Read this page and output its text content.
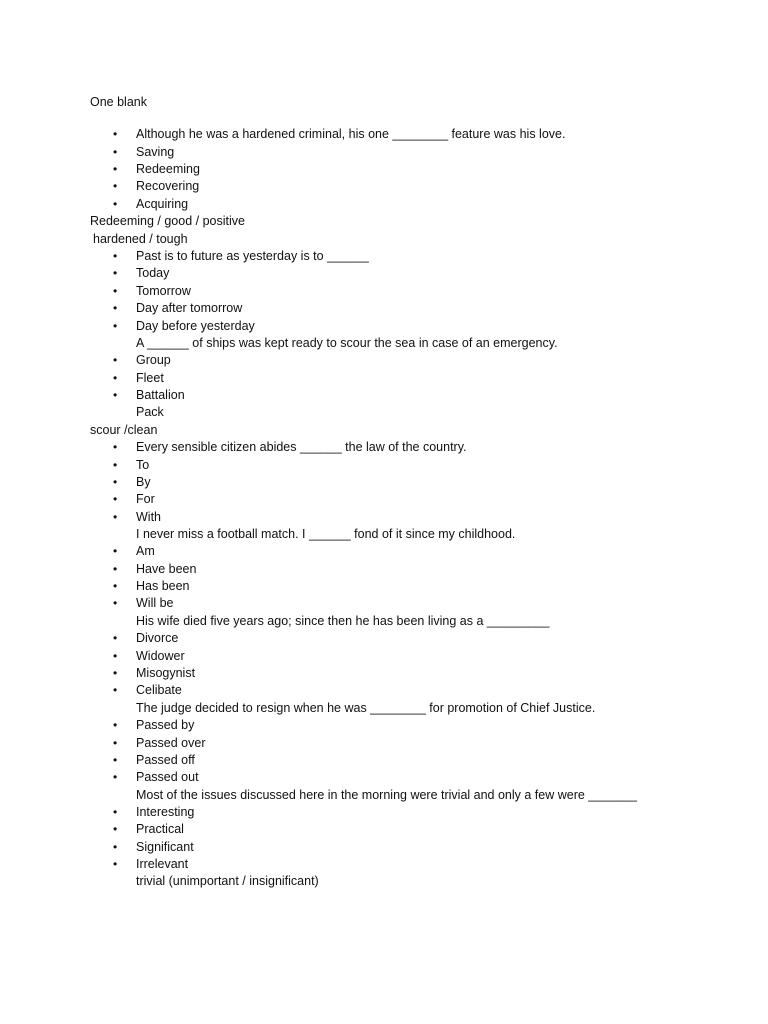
One blank
•
•
•
•
•
•
•
•
•
•
•
•
•
•
•
•
•
•
•
•
•
•
•
•
•
•
•
•
•
•
•
•
•
•
Although he was a hardened criminal, his one ________ feature was his love.
Saving
Redeeming
Recovering
Acquiring
Redeeming / good / positive
hardened / tough
Past is to future as yesterday is to ______
Today
Tomorrow
Day after tomorrow
Day before yesterday
A ______ of ships was kept ready to scour the sea in case of an emergency.
Group
Fleet
Battalion
Pack
scour /clean
Every sensible citizen abides ______ the law of the country.
To
By
For
With
I never miss a football match. I ______ fond of it since my childhood.
Am
Have been
Has been
Will be
His wife died five years ago; since then he has been living as a _________
Divorce
Widower
Misogynist
Celibate
The judge decided to resign when he was ________ for promotion of Chief Justice.
Passed by
Passed over
Passed off
Passed out
Most of the issues discussed here in the morning were trivial and only a few were _______
Interesting
Practical
Significant
Irrelevant
trivial (unimportant / insignificant)
